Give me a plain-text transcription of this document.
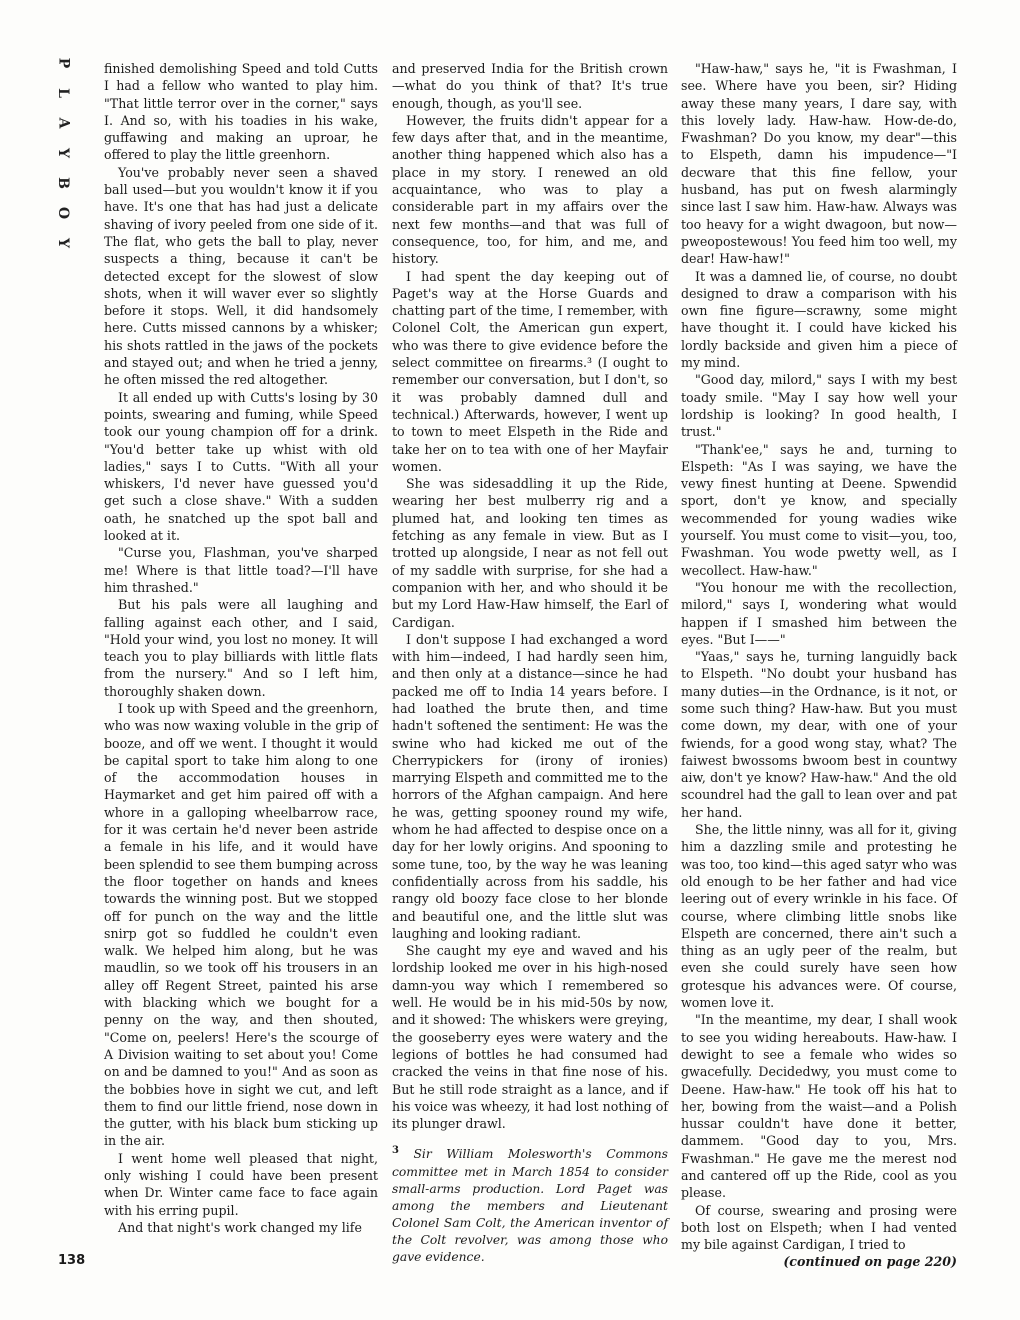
P
L
A
Y
B
O
Y

finished demolishing Speed and told Cutts I had a fellow who wanted to play him. "That little terror over in the corner," says I. And so, with his toadies in his wake, guffawing and making an uproar, he offered to play the little greenhorn.

You've probably never seen a shaved ball used—but you wouldn't know it if you have. It's one that has had just a delicate shaving of ivory peeled from one side of it. The flat, who gets the ball to play, never suspects a thing, because it can't be detected except for the slowest of slow shots, when it will waver ever so slightly before it stops. Well, it did handsomely here. Cutts missed cannons by a whisker; his shots rattled in the jaws of the pockets and stayed out; and when he tried a jenny, he often missed the red altogether.

It all ended up with Cutts's losing by 30 points, swearing and fuming, while Speed took our young champion off for a drink. "You'd better take up whist with old ladies," says I to Cutts. "With all your whiskers, I'd never have guessed you'd get such a close shave." With a sudden oath, he snatched up the spot ball and looked at it.

"Curse you, Flashman, you've sharped me! Where is that little toad?—I'll have him thrashed."

But his pals were all laughing and falling against each other, and I said, "Hold your wind, you lost no money. It will teach you to play billiards with little flats from the nursery." And so I left him, thoroughly shaken down.

I took up with Speed and the greenhorn, who was now waxing voluble in the grip of booze, and off we went. I thought it would be capital sport to take him along to one of the accommodation houses in Haymarket and get him paired off with a whore in a galloping wheelbarrow race, for it was certain he'd never been astride a female in his life, and it would have been splendid to see them bumping across the floor together on hands and knees towards the winning post. But we stopped off for punch on the way and the little snirp got so fuddled he couldn't even walk. We helped him along, but he was maudlin, so we took off his trousers in an alley off Regent Street, painted his arse with blacking which we bought for a penny on the way, and then shouted, "Come on, peelers! Here's the scourge of A Division waiting to set about you! Come on and be damned to you!" And as soon as the bobbies hove in sight we cut, and left them to find our little friend, nose down in the gutter, with his black bum sticking up in the air.

I went home well pleased that night, only wishing I could have been present when Dr. Winter came face to face again with his erring pupil.

And that night's work changed my life

and preserved India for the British crown—what do you think of that? It's true enough, though, as you'll see.

However, the fruits didn't appear for a few days after that, and in the meantime, another thing happened which also has a place in my story. I renewed an old acquaintance, who was to play a considerable part in my affairs over the next few months—and that was full of consequence, too, for him, and me, and history.

I had spent the day keeping out of Paget's way at the Horse Guards and chatting part of the time, I remember, with Colonel Colt, the American gun expert, who was there to give evidence before the select committee on firearms.³ (I ought to remember our conversation, but I don't, so it was probably damned dull and technical.) Afterwards, however, I went up to town to meet Elspeth in the Ride and take her on to tea with one of her Mayfair women.

She was sidesaddling it up the Ride, wearing her best mulberry rig and a plumed hat, and looking ten times as fetching as any female in view. But as I trotted up alongside, I near as not fell out of my saddle with surprise, for she had a companion with her, and who should it be but my Lord Haw-Haw himself, the Earl of Cardigan.

I don't suppose I had exchanged a word with him—indeed, I had hardly seen him, and then only at a distance—since he had packed me off to India 14 years before. I had loathed the brute then, and time hadn't softened the sentiment: He was the swine who had kicked me out of the Cherrypickers for (irony of ironies) marrying Elspeth and committed me to the horrors of the Afghan campaign. And here he was, getting spooney round my wife, whom he had affected to despise once on a day for her lowly origins. And spooning to some tune, too, by the way he was leaning confidentially across from his saddle, his rangy old boozy face close to her blonde and beautiful one, and the little slut was laughing and looking radiant.

She caught my eye and waved and his lordship looked me over in his high-nosed damn-you way which I remembered so well. He would be in his mid-50s by now, and it showed: The whiskers were greying, the gooseberry eyes were watery and the legions of bottles he had consumed had cracked the veins in that fine nose of his. But he still rode straight as a lance, and if his voice was wheezy, it had lost nothing of its plunger drawl.

$^3$ Sir William Molesworth's Commons committee met in March 1854 to consider small-arms production. Lord Paget was among the members and Lieutenant Colonel Sam Colt, the American inventor of the Colt revolver, was among those who gave evidence.

"Haw-haw," says he, "it is Fwashman, I see. Where have you been, sir? Hiding away these many years, I dare say, with this lovely lady. Haw-haw. How-de-do, Fwashman? Do you know, my dear"—this to Elspeth, damn his impudence—"I decware that this fine fellow, your husband, has put on fwesh alarmingly since last I saw him. Haw-haw. Always was too heavy for a wight dwagoon, but now—pweopostewous! You feed him too well, my dear! Haw-haw!"

It was a damned lie, of course, no doubt designed to draw a comparison with his own fine figure—scrawny, some might have thought it. I could have kicked his lordly backside and given him a piece of my mind.

"Good day, milord," says I with my best toady smile. "May I say how well your lordship is looking? In good health, I trust."

"Thank'ee," says he and, turning to Elspeth: "As I was saying, we have the vewy finest hunting at Deene. Spwendid sport, don't ye know, and specially wecommended for young wadies wike yourself. You must come to visit—you, too, Fwashman. You wode pwetty well, as I wecollect. Haw-haw."

"You honour me with the recollection, milord," says I, wondering what would happen if I smashed him between the eyes. "But I——"

"Yaas," says he, turning languidly back to Elspeth. "No doubt your husband has many duties—in the Ordnance, is it not, or some such thing? Haw-haw. But you must come down, my dear, with one of your fwiends, for a good wong stay, what? The faiwest bwossoms bwoom best in countwy aiw, don't ye know? Haw-haw." And the old scoundrel had the gall to lean over and pat her hand.

She, the little ninny, was all for it, giving him a dazzling smile and protesting he was too, too kind—this aged satyr who was old enough to be her father and had vice leering out of every wrinkle in his face. Of course, where climbing little snobs like Elspeth are concerned, there ain't such a thing as an ugly peer of the realm, but even she could surely have seen how grotesque his advances were. Of course, women love it.

"In the meantime, my dear, I shall wook to see you widing hereabouts. Haw-haw. I dewight to see a female who wides so gwacefully. Decidedwy, you must come to Deene. Haw-haw." He took off his hat to her, bowing from the waist—and a Polish hussar couldn't have done it better, dammem. "Good day to you, Mrs. Fwashman." He gave me the merest nod and cantered off up the Ride, cool as you please.

Of course, swearing and prosing were both lost on Elspeth; when I had vented my bile against Cardigan, I tried to

(continued on page 220)
138
